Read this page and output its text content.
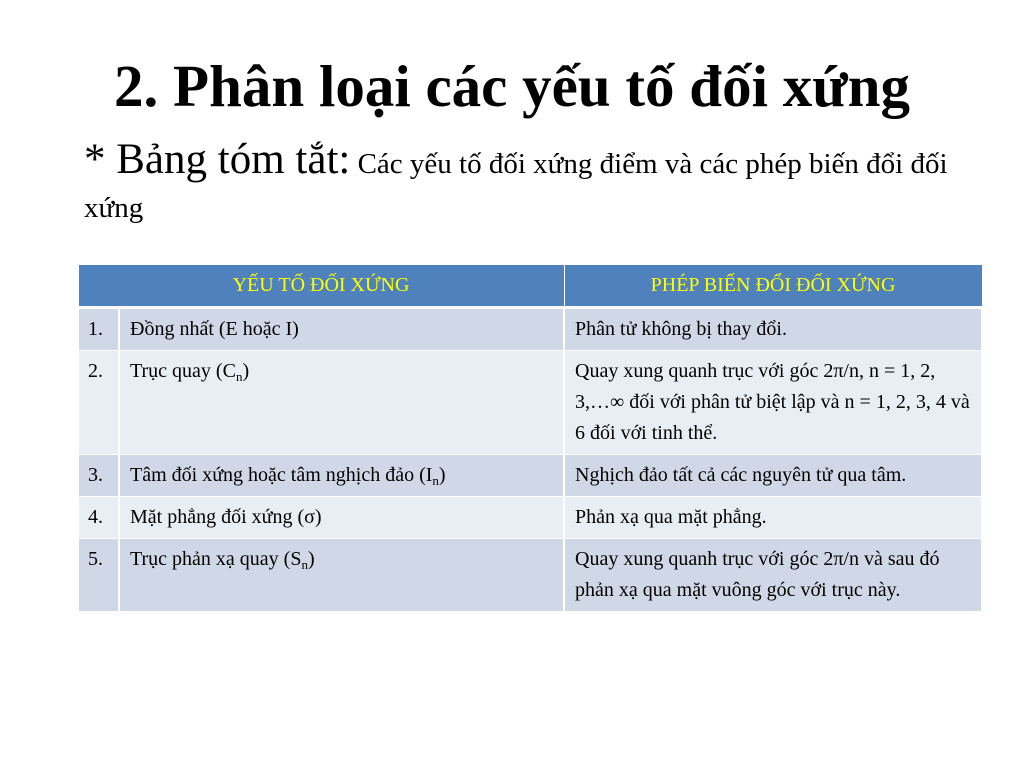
2. Phân loại các yếu tố đối xứng

* Bảng tóm tắt: Các yếu tố đối xứng điểm và các phép biến đổi đối xứng

YẾU TỐ ĐỐI XỨNG		PHÉP BIẾN ĐỔI ĐỐI XỨNG
1.	Đồng nhất (E hoặc I)	Phân tử không bị thay đổi.
2.	Trục quay $(C_n)$	Quay xung quanh trục với góc 2π/n, n = 1, 2, 3,…∞ đối với phân tử biệt lập và n = 1, 2, 3, 4 và 6 đối với tinh thể.
3.	Tâm đối xứng hoặc tâm nghịch đảo $(I_n)$	Nghịch đảo tất cả các nguyên tử qua tâm.
4.	Mặt phẳng đối xứng (σ)	Phản xạ qua mặt phẳng.
5.	Trục phản xạ quay $(S_n)$	Quay xung quanh trục với góc 2π/n và sau đó phản xạ qua mặt vuông góc với trục này.
